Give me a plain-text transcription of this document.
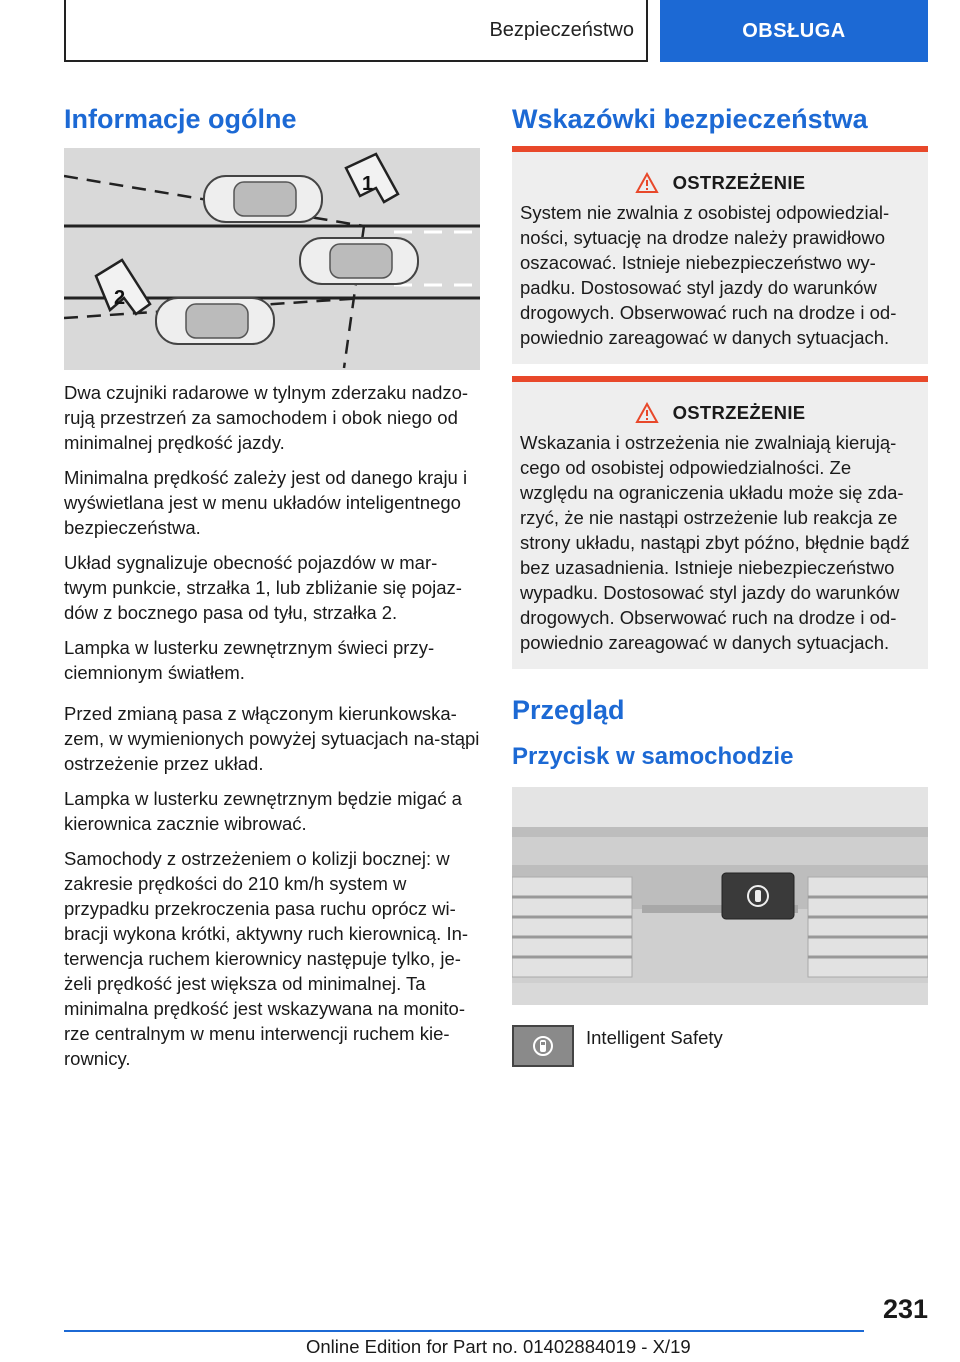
Bezpieczeństwo	OBSŁUGA
Informacje ogólne
1
2

Dwa czujniki radarowe w tylnym zderzaku nadzo-rują przestrzeń za samochodem i obok niego od minimalnej prędkość jazdy.

Minimalna prędkość zależy jest od danego kraju i wyświetlana jest w menu układów inteligentnego bezpieczeństwa.

Układ sygnalizuje obecność pojazdów w mar-twym punkcie, strzałka 1, lub zbliżanie się pojaz-dów z bocznego pasa od tyłu, strzałka 2.

Lampka w lusterku zewnętrznym świeci przy-ciemnionym światłem.

Przed zmianą pasa z włączonym kierunkowska-zem, w wymienionych powyżej sytuacjach na-stąpi ostrzeżenie przez układ.

Lampka w lusterku zewnętrznym będzie migać a kierownica zacznie wibrować.

Samochody z ostrzeżeniem o kolizji bocznej: w zakresie prędkości do 210 km/h system w przypadku przekroczenia pasa ruchu oprócz wi-bracji wykona krótki, aktywny ruch kierownicą. In-terwencja ruchem kierownicy następuje tylko, je-żeli prędkość jest większa od minimalnej. Ta minimalna prędkość jest wskazywana na monito-rze centralnym w menu interwencji ruchem kie-rownicy.

Wskazówki bezpieczeństwa
OSTRZEŻENIE

System nie zwalnia z osobistej odpowiedzial-ności, sytuację na drodze należy prawidłowo oszacować. Istnieje niebezpieczeństwo wy-padku. Dostosować styl jazdy do warunków drogowych. Obserwować ruch na drodze i od-powiednio zareagować w danych sytuacjach.

OSTRZEŻENIE

Wskazania i ostrzeżenia nie zwalniają kierują-cego od osobistej odpowiedzialności. Ze względu na ograniczenia układu może się zda-rzyć, że nie nastąpi ostrzeżenie lub reakcja ze strony układu, nastąpi zbyt późno, błędnie bądź bez uzasadnienia. Istnieje niebezpieczeństwo wypadku. Dostosować styl jazdy do warunków drogowych. Obserwować ruch na drodze i od-powiednio zareagować w danych sytuacjach.

Przegląd
Przycisk w samochodzie

Intelligent Safety

231
Online Edition for Part no. 01402884019 - X/19
